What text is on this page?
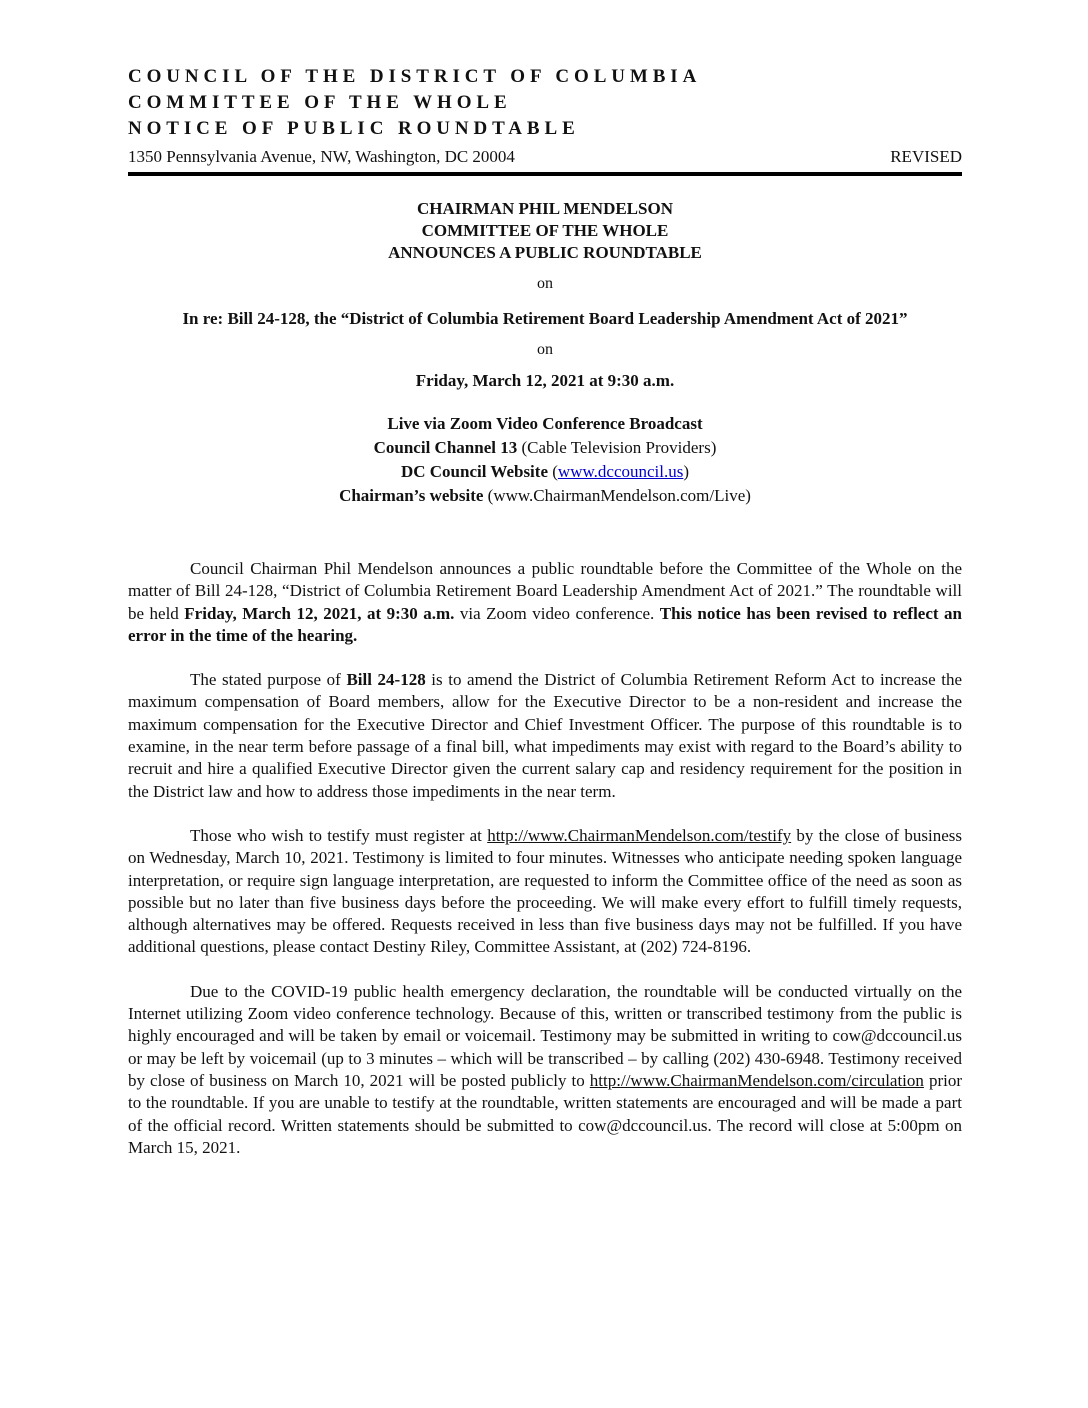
COUNCIL OF THE DISTRICT OF COLUMBIA
COMMITTEE OF THE WHOLE
NOTICE OF PUBLIC ROUNDTABLE
1350 Pennsylvania Avenue, NW, Washington, DC 20004	REVISED
CHAIRMAN PHIL MENDELSON
COMMITTEE OF THE WHOLE
ANNOUNCES A PUBLIC ROUNDTABLE
on
In re: Bill 24-128, the “District of Columbia Retirement Board Leadership Amendment Act of 2021”
on
Friday, March 12, 2021 at 9:30 a.m.
Live via Zoom Video Conference Broadcast
Council Channel 13 (Cable Television Providers)
DC Council Website (www.dccouncil.us)
Chairman’s website (www.ChairmanMendelson.com/Live)

Council Chairman Phil Mendelson announces a public roundtable before the Committee of the Whole on the matter of Bill 24-128, “District of Columbia Retirement Board Leadership Amendment Act of 2021.” The roundtable will be held Friday, March 12, 2021, at 9:30 a.m. via Zoom video conference. This notice has been revised to reflect an error in the time of the hearing.

The stated purpose of Bill 24-128 is to amend the District of Columbia Retirement Reform Act to increase the maximum compensation of Board members, allow for the Executive Director to be a non-resident and increase the maximum compensation for the Executive Director and Chief Investment Officer. The purpose of this roundtable is to examine, in the near term before passage of a final bill, what impediments may exist with regard to the Board’s ability to recruit and hire a qualified Executive Director given the current salary cap and residency requirement for the position in the District law and how to address those impediments in the near term.

Those who wish to testify must register at http://www.ChairmanMendelson.com/testify by the close of business on Wednesday, March 10, 2021. Testimony is limited to four minutes. Witnesses who anticipate needing spoken language interpretation, or require sign language interpretation, are requested to inform the Committee office of the need as soon as possible but no later than five business days before the proceeding. We will make every effort to fulfill timely requests, although alternatives may be offered. Requests received in less than five business days may not be fulfilled. If you have additional questions, please contact Destiny Riley, Committee Assistant, at (202) 724-8196.

Due to the COVID-19 public health emergency declaration, the roundtable will be conducted virtually on the Internet utilizing Zoom video conference technology. Because of this, written or transcribed testimony from the public is highly encouraged and will be taken by email or voicemail. Testimony may be submitted in writing to cow@dccouncil.us or may be left by voicemail (up to 3 minutes – which will be transcribed – by calling (202) 430-6948. Testimony received by close of business on March 10, 2021 will be posted publicly to http://www.ChairmanMendelson.com/circulation prior to the roundtable. If you are unable to testify at the roundtable, written statements are encouraged and will be made a part of the official record. Written statements should be submitted to cow@dccouncil.us. The record will close at 5:00pm on March 15, 2021.
